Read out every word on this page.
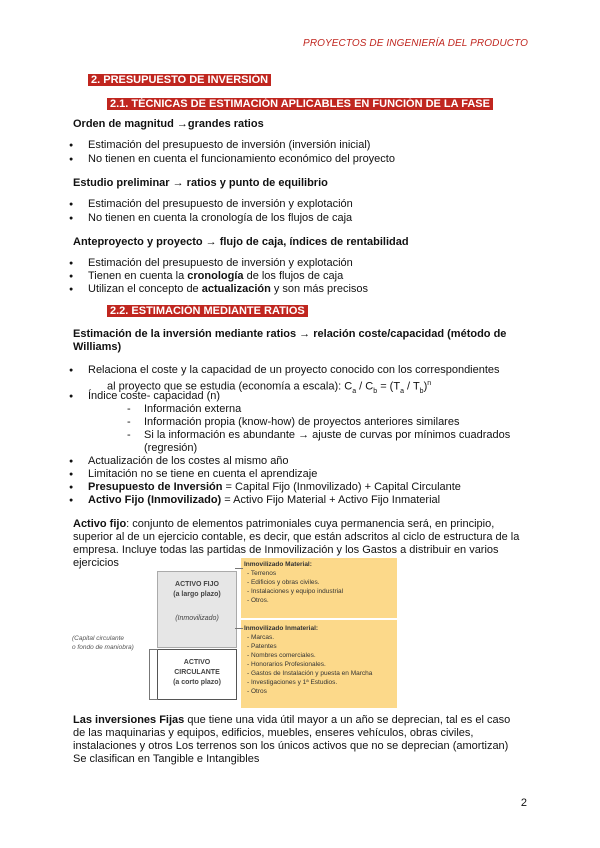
PROYECTOS DE INGENIERÍA DEL PRODUCTO
2. PRESUPUESTO DE INVERSIÓN
2.1. TÉCNICAS DE ESTIMACIÓN APLICABLES EN FUNCIÓN DE LA FASE
Orden de magnitud →grandes ratios
● Estimación del presupuesto de inversión (inversión inicial)
● No tienen en cuenta el funcionamiento económico del proyecto
Estudio preliminar → ratios y punto de equilibrio
● Estimación del presupuesto de inversión y explotación
● No tienen en cuenta la cronología de los flujos de caja
Anteproyecto y proyecto → flujo de caja, índices de rentabilidad
● Estimación del presupuesto de inversión y explotación
● Tienen en cuenta la cronología de los flujos de caja
● Utilizan el concepto de actualización y son más precisos
2.2. ESTIMACIÓN MEDIANTE RATIOS
Estimación de la inversión mediante ratios → relación coste/capacidad (método de
Williams)
● Relaciona el coste y la capacidad de un proyecto conocido con los correspondientes
al proyecto que se estudia (economía a escala): $C_a / C_b = (T_a / T_b)^n$
● Índice coste- capacidad (n)
- Información externa
- Información propia (know-how) de proyectos anteriores similares
- Si la información es abundante → ajuste de curvas por mínimos cuadrados
(regresión)
● Actualización de los costes al mismo año
● Limitación no se tiene en cuenta el aprendizaje
● Presupuesto de Inversión = Capital Fijo (Inmovilizado) + Capital Circulante
● Activo Fijo (Inmovilizado) = Activo Fijo Material + Activo Fijo Inmaterial
Activo fijo: conjunto de elementos patrimoniales cuya permanencia será, en principio,
superior al de un ejercicio contable, es decir, que están adscritos al ciclo de estructura de la
empresa. Incluye todas las partidas de Inmovilización y los Gastos a distribuir en varios
ejercicios
ACTIVO FIJO
(a largo plazo)
(Inmovilizado)
ACTIVO
CIRCULANTE
(a corto plazo)
Inmovilizado Material:
- Terrenos
- Edificios y obras civiles.
- Instalaciones y equipo industrial
- Otros.
Inmovilizado Inmaterial:
- Marcas.
- Patentes
- Nombres comerciales.
- Honorarios Profesionales.
- Gastos de Instalación y puesta en Marcha
- Investigaciones y 1ª Estudios.
- Otros
(Capital circulante
o fondo de maniobra)
Las inversiones Fijas que tiene una vida útil mayor a un año se deprecian, tal es el caso
de las maquinarias y equipos, edificios, muebles, enseres vehículos, obras civiles,
instalaciones y otros Los terrenos son los únicos activos que no se deprecian (amortizan)
Se clasifican en Tangible e Intangibles
2
